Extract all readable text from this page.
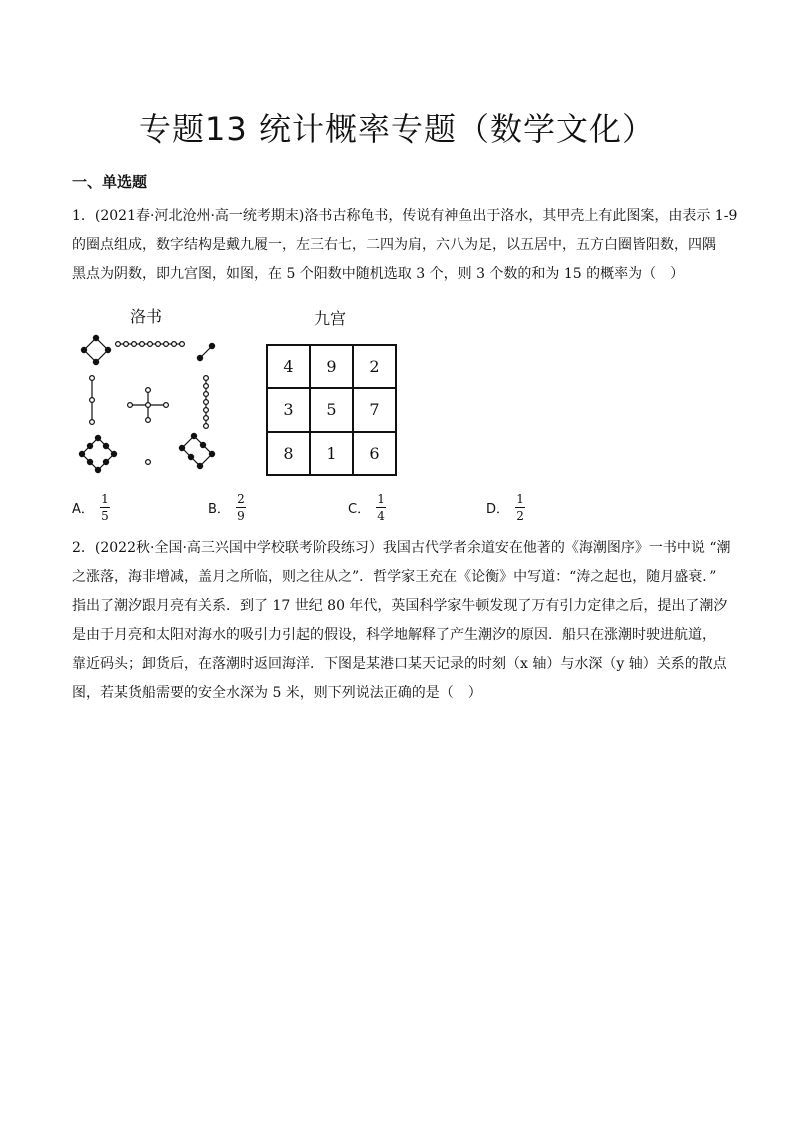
专题13 统计概率专题（数学文化）
一、单选题

1．(2021春·河北沧州·高一统考期末)洛书古称龟书，传说有神鱼出于洛水，其甲壳上有此图案，由表示 1-9
的圈点组成，数字结构是戴九履一，左三右七，二四为肩，六八为足，以五居中，五方白圈皆阳数，四隅
黑点为阴数，即九宫图，如图，在 5 个阳数中随机选取 3 个，则 3 个数的和为 15 的概率为（　）

洛书	九宫
4	9	2
3	5	7
8	1	6
A． $\frac{1}{5}$	B． $\frac{2}{9}$	C． $\frac{1}{4}$	D． $\frac{1}{2}$

2．(2022秋·全国·高三兴国中学校联考阶段练习）我国古代学者余道安在他著的《海潮图序》一书中说 “潮
之涨落，海非增减，盖月之所临，则之往从之”．哲学家王充在《论衡》中写道：“涛之起也，随月盛衰．”
指出了潮汐跟月亮有关系．到了 17 世纪 80 年代，英国科学家牛顿发现了万有引力定律之后，提出了潮汐
是由于月亮和太阳对海水的吸引力引起的假设，科学地解释了产生潮汐的原因．船只在涨潮时驶进航道，
靠近码头；卸货后，在落潮时返回海洋．下图是某港口某天记录的时刻（x 轴）与水深（y 轴）关系的散点
图，若某货船需要的安全水深为 5 米，则下列说法正确的是（　）
